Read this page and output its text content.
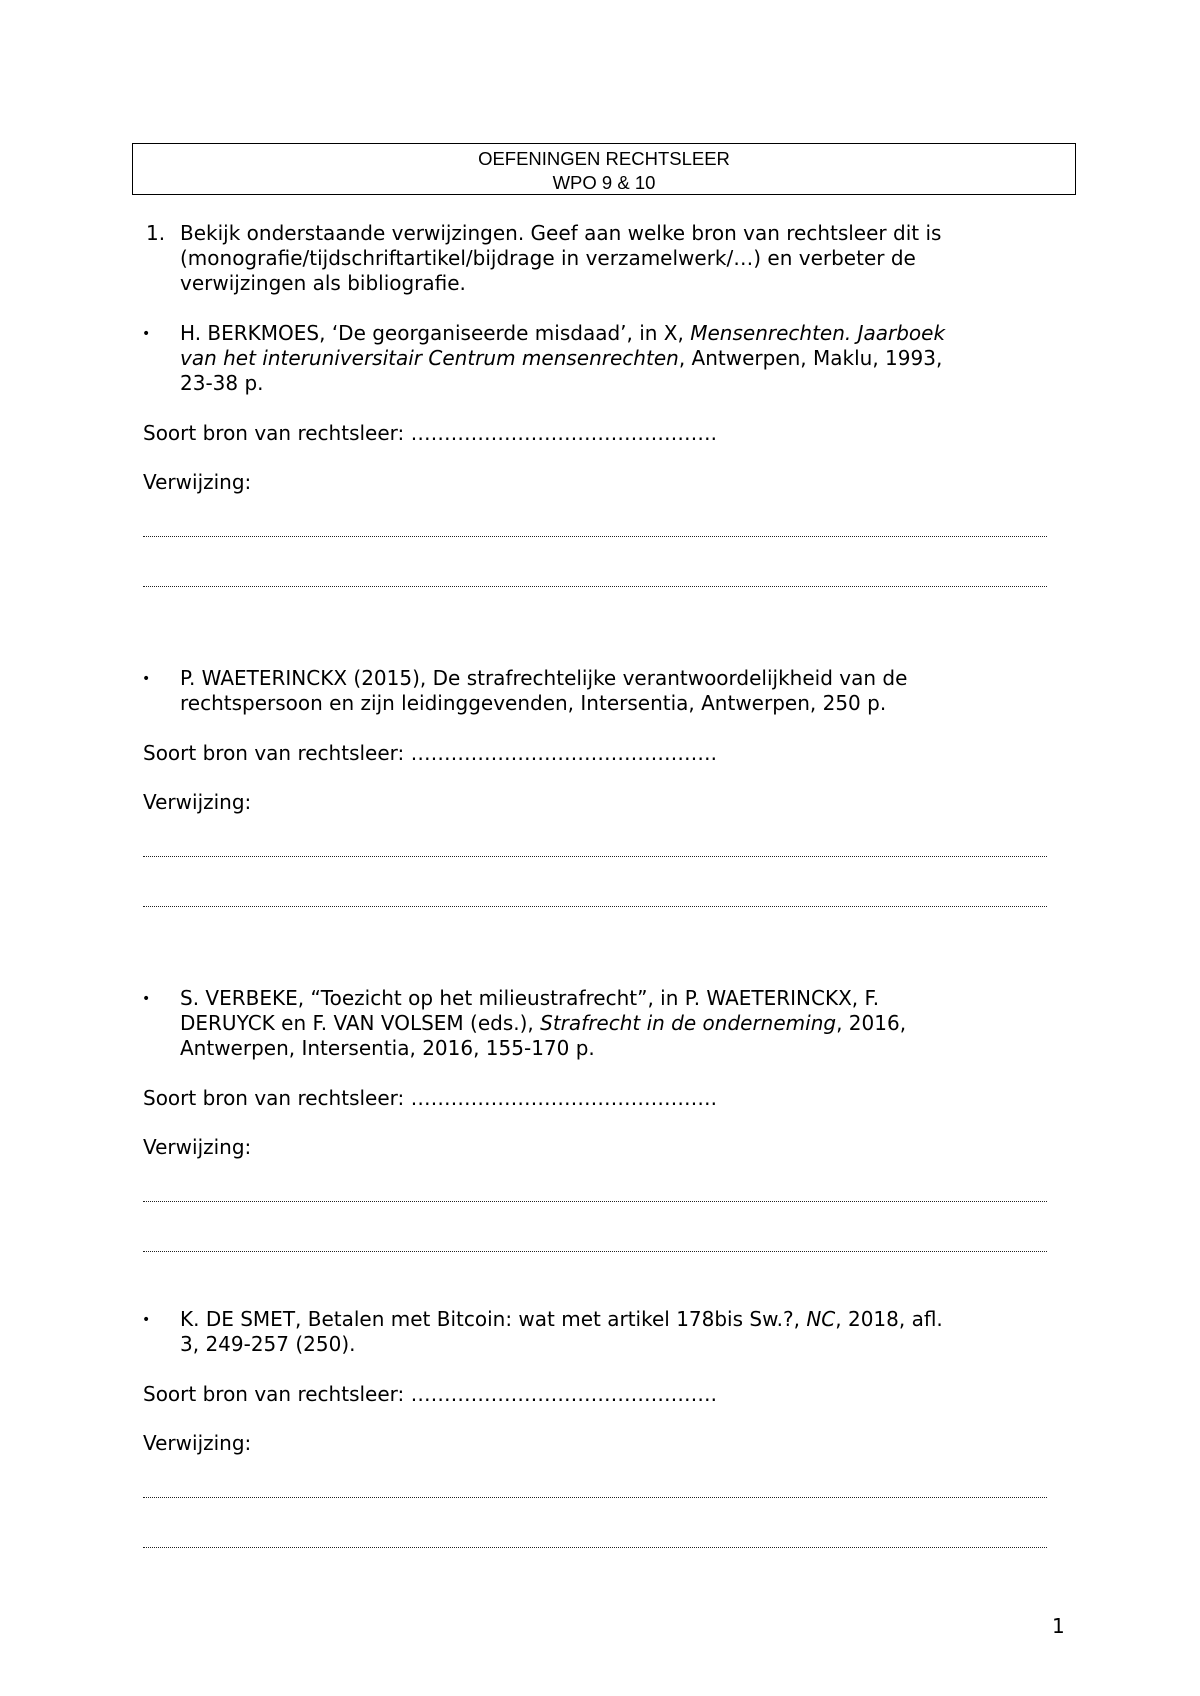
OEFENINGEN RECHTSLEER
WPO 9 & 10
1. Bekijk onderstaande verwijzingen. Geef aan welke bron van rechtsleer dit is
(monografie/tijdschriftartikel/bijdrage in verzamelwerk/…) en verbeter de
verwijzingen als bibliografie.
• H. BERKMOES, ‘De georganiseerde misdaad’, in X, Mensenrechten. Jaarboek
van het interuniversitair Centrum mensenrechten, Antwerpen, Maklu, 1993,
23-38 p.
Soort bron van rechtsleer: ……………………………………….
Verwijzing:
• P. WAETERINCKX (2015), De strafrechtelijke verantwoordelijkheid van de
rechtspersoon en zijn leidinggevenden, Intersentia, Antwerpen, 250 p.
Soort bron van rechtsleer: ……………………………………….
Verwijzing:
• S. VERBEKE, “Toezicht op het milieustrafrecht”, in P. WAETERINCKX, F.
DERUYCK en F. VAN VOLSEM (eds.), Strafrecht in de onderneming, 2016,
Antwerpen, Intersentia, 2016, 155-170 p.
Soort bron van rechtsleer: ……………………………………….
Verwijzing:
• K. DE SMET, Betalen met Bitcoin: wat met artikel 178bis Sw.?, NC, 2018, afl.
3, 249-257 (250).
Soort bron van rechtsleer: ……………………………………….
Verwijzing:
1
